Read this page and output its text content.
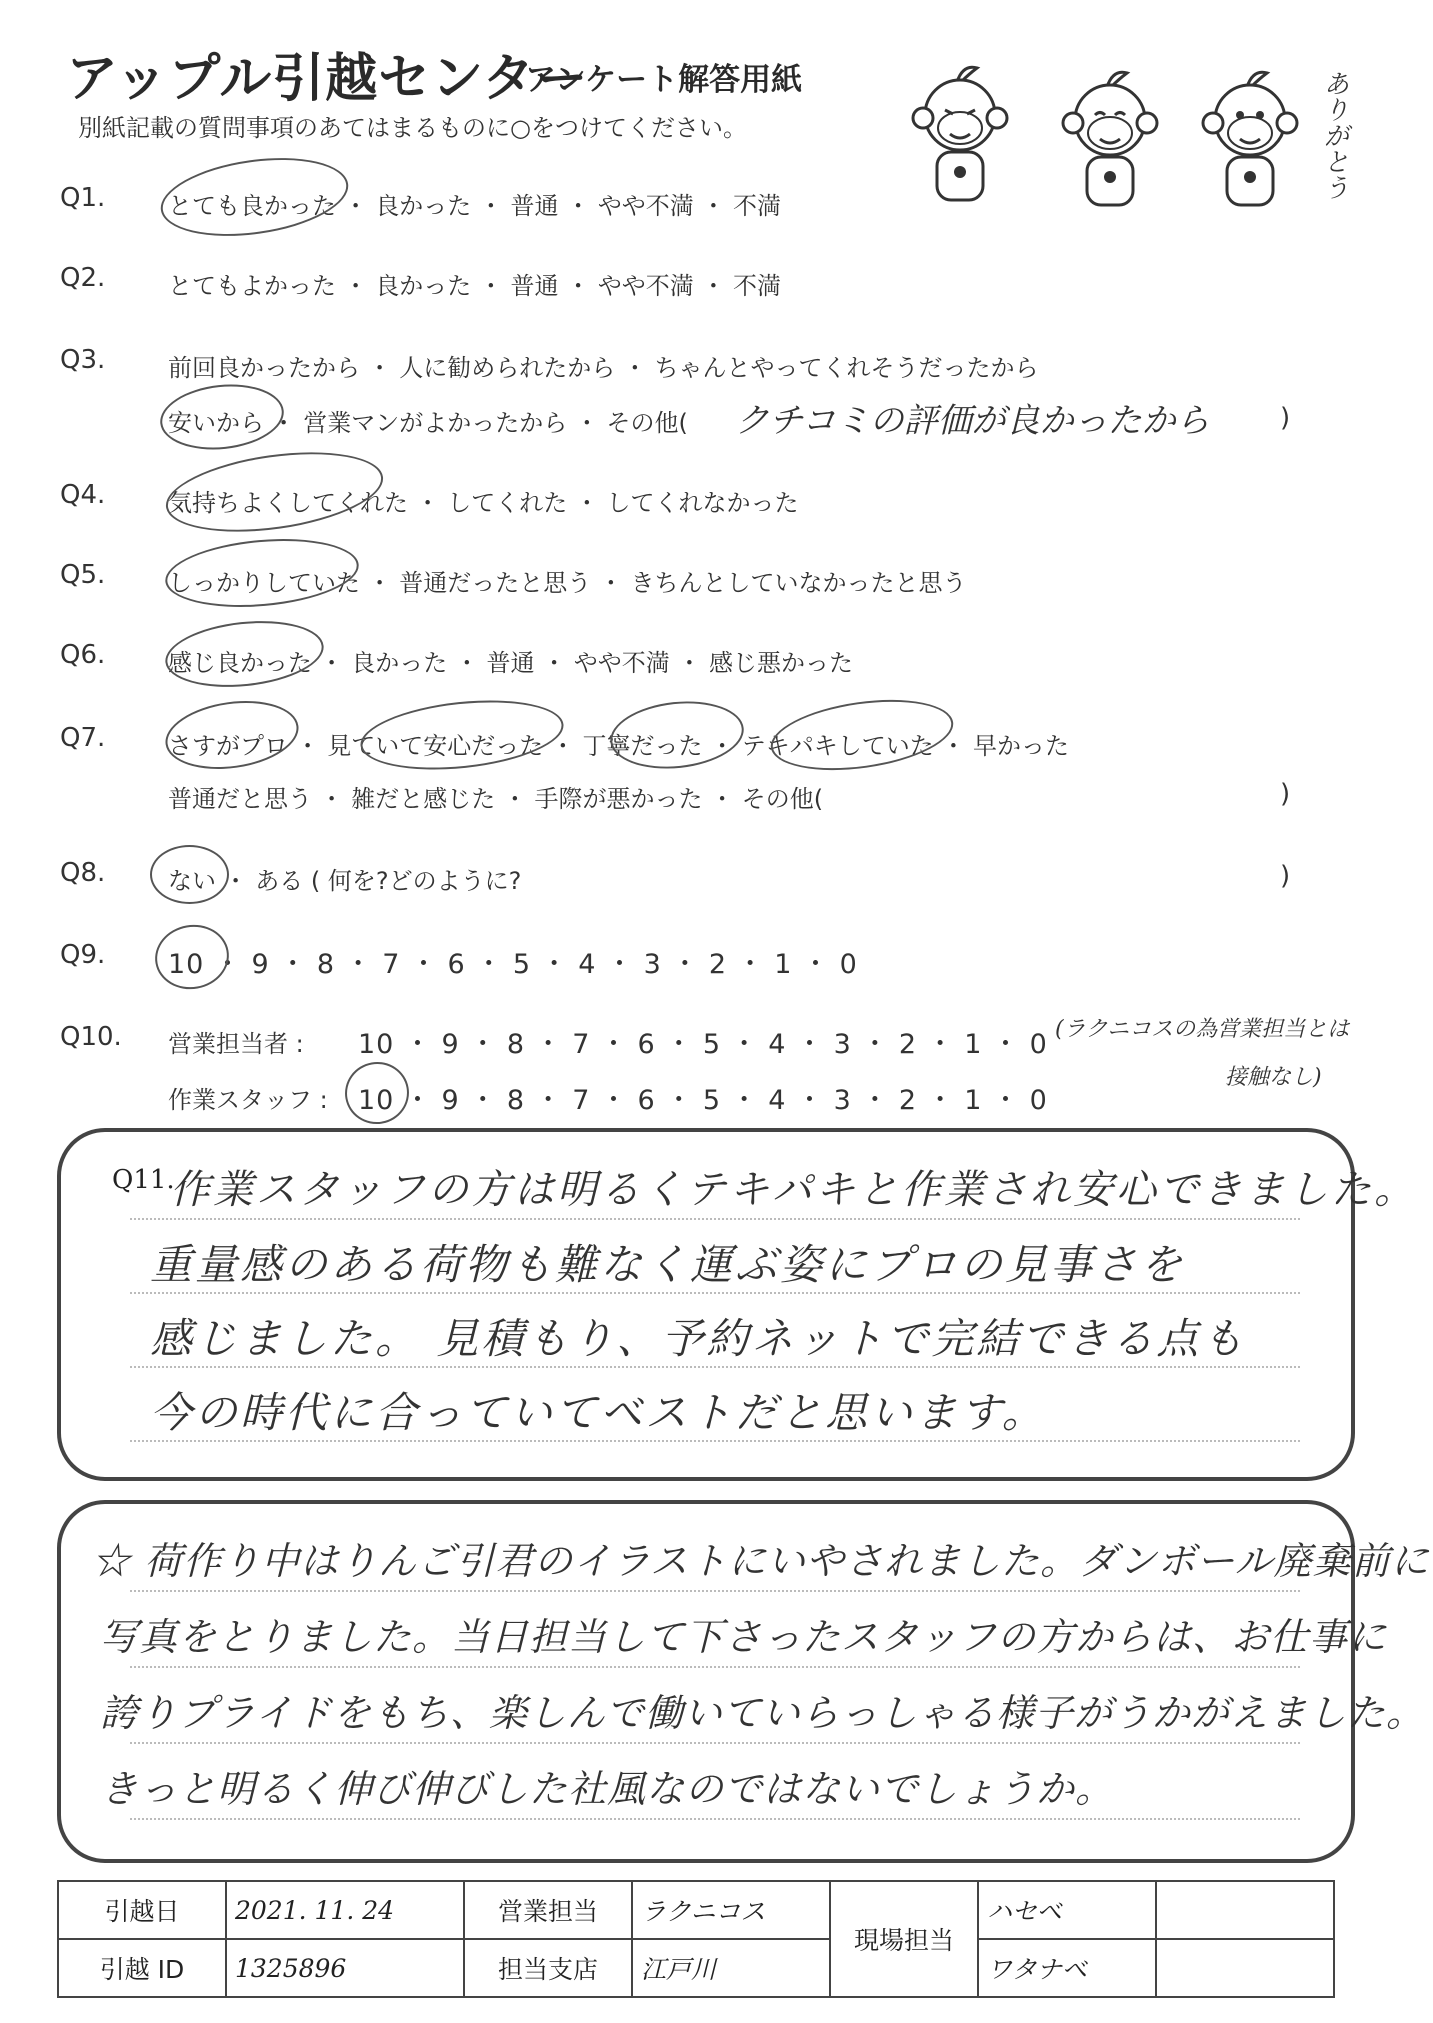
アップル引越センター
アンケート解答用紙
別紙記載の質問事項のあてはまるものに○をつけてください。	ありがとう
Q1.	とても良かった ・ 良かった ・ 普通 ・ やや不満 ・ 不満
Q2.	とてもよかった ・ 良かった ・ 普通 ・ やや不満 ・ 不満
Q3.	前回良かったから ・ 人に勧められたから ・ ちゃんとやってくれそうだったから
安いから ・ 営業マンがよかったから ・ その他( クチコミの評価が良かったから	)
Q4.	気持ちよくしてくれた ・ してくれた ・ してくれなかった
Q5.	しっかりしていた ・ 普通だったと思う ・ きちんとしていなかったと思う
Q6.	感じ良かった ・ 良かった ・ 普通 ・ やや不満 ・ 感じ悪かった
Q7.	さすがプロ ・ 見ていて安心だった ・ 丁寧だった ・ テキパキしていた ・ 早かった
普通だと思う ・ 雑だと感じた ・ 手際が悪かった ・ その他(	)
Q8.	ない ・ ある ( 何を?どのように?	)
Q9. 10 ・ 9 ・ 8 ・ 7 ・ 6 ・ 5 ・ 4 ・ 3 ・ 2 ・ 1 ・ 0
Q10. 営業担当者 : 10 ・ 9 ・ 8 ・ 7 ・ 6 ・ 5 ・ 4 ・ 3 ・ 2 ・ 1 ・ 0 (ラクニコスの為営業担当とは
接触なし)
作業スタッフ : 10 ・ 9 ・ 8 ・ 7 ・ 6 ・ 5 ・ 4 ・ 3 ・ 2 ・ 1 ・ 0
Q11.
作業スタッフの方は明るくテキパキと作業され安心できました。
重量感のある荷物も難なく運ぶ姿にプロの見事さを
感じました。 見積もり、予約ネットで完結できる点も
今の時代に合っていてベストだと思います。
☆ 荷作り中はりんご引君のイラストにいやされました。ダンボール廃棄前に
写真をとりました。当日担当して下さったスタッフの方からは、お仕事に
誇りプライドをもち、楽しんで働いていらっしゃる様子がうかがえました。
きっと明るく伸び伸びした社風なのではないでしょうか。
引越日	2021. 11. 24	営業担当	ラクニコス	現場担当	ハセベ	
引越 ID	1325896	担当支店	江戸川		ワタナベ	
